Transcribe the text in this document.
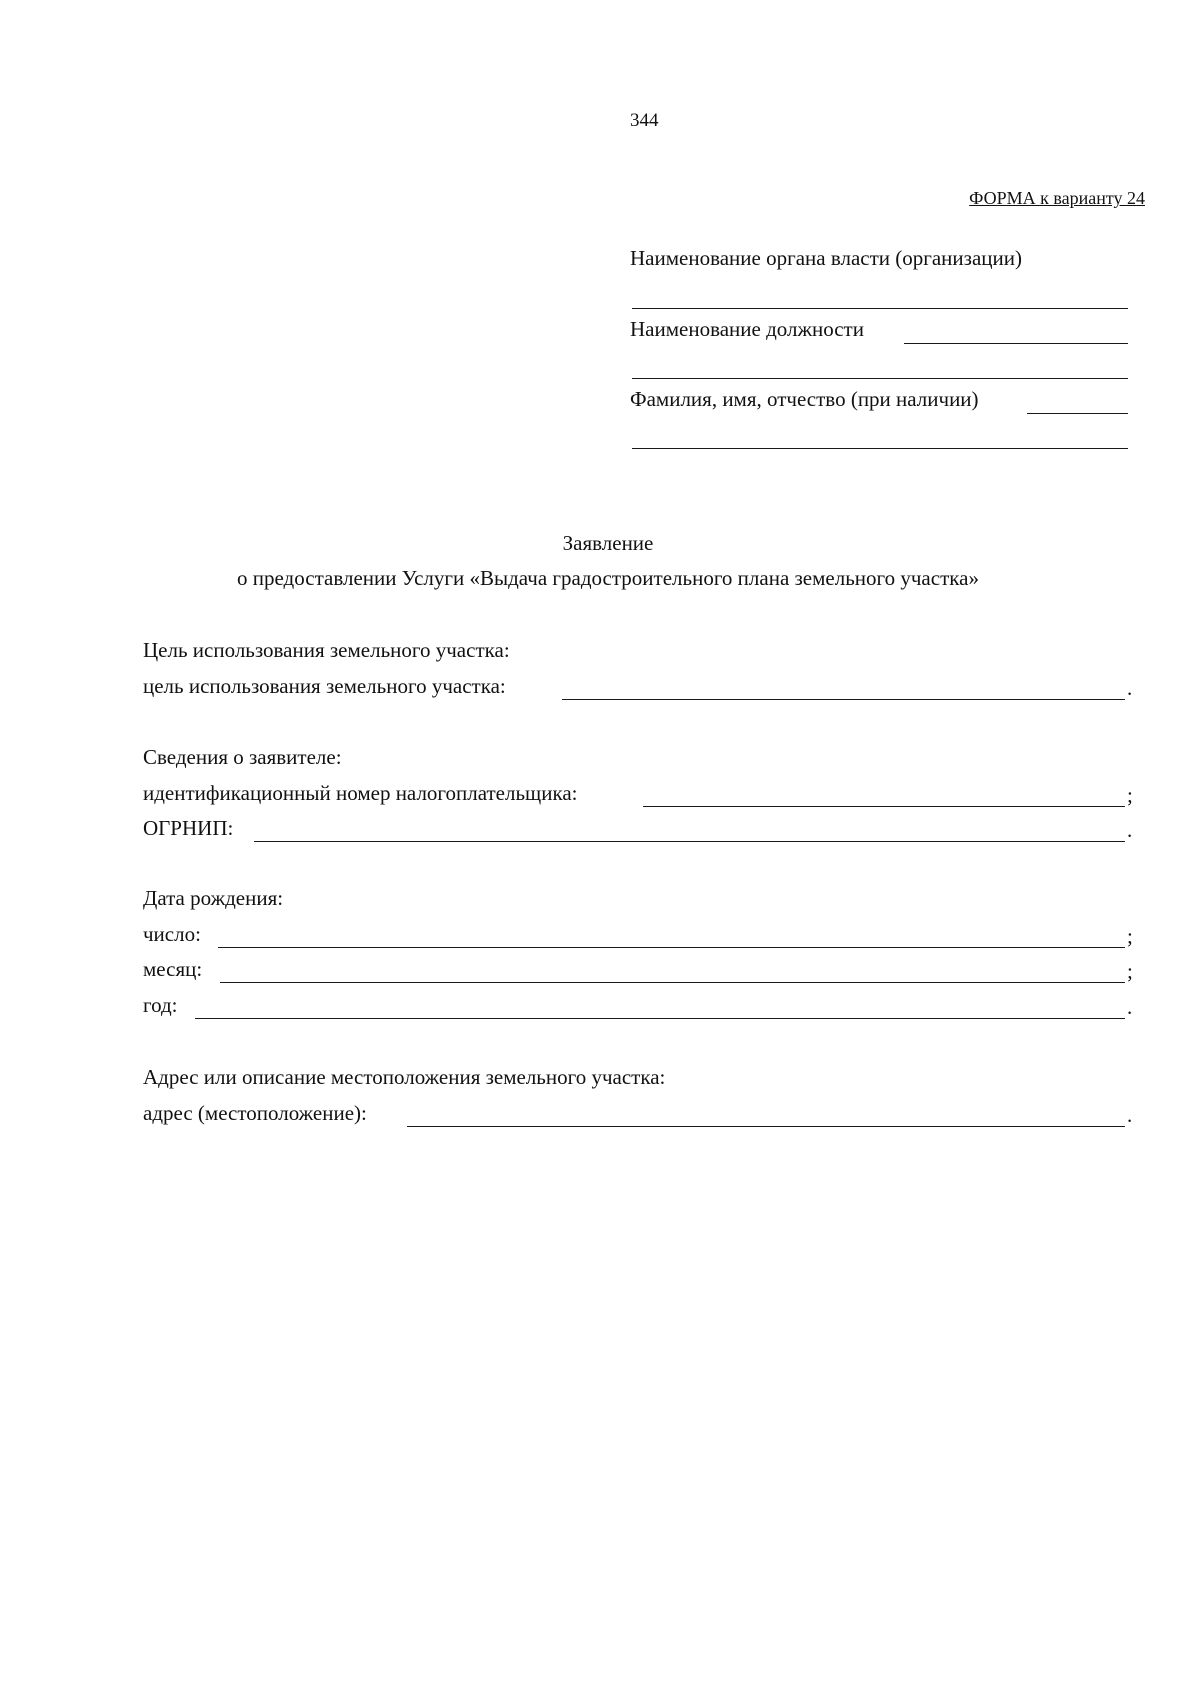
344
ФОРМА к варианту 24
Наименование органа власти (организации)
Наименование должности
Фамилия, имя, отчество (при наличии)
Заявление
о предоставлении Услуги «Выдача градостроительного плана земельного участка»
Цель использования земельного участка:
цель использования земельного участка:	.
Сведения о заявителе:
идентификационный номер налогоплательщика:	;
ОГРНИП:	.
Дата рождения:
число:	;
месяц:	;
год:	.
Адрес или описание местоположения земельного участка:
адрес (местоположение):	.
